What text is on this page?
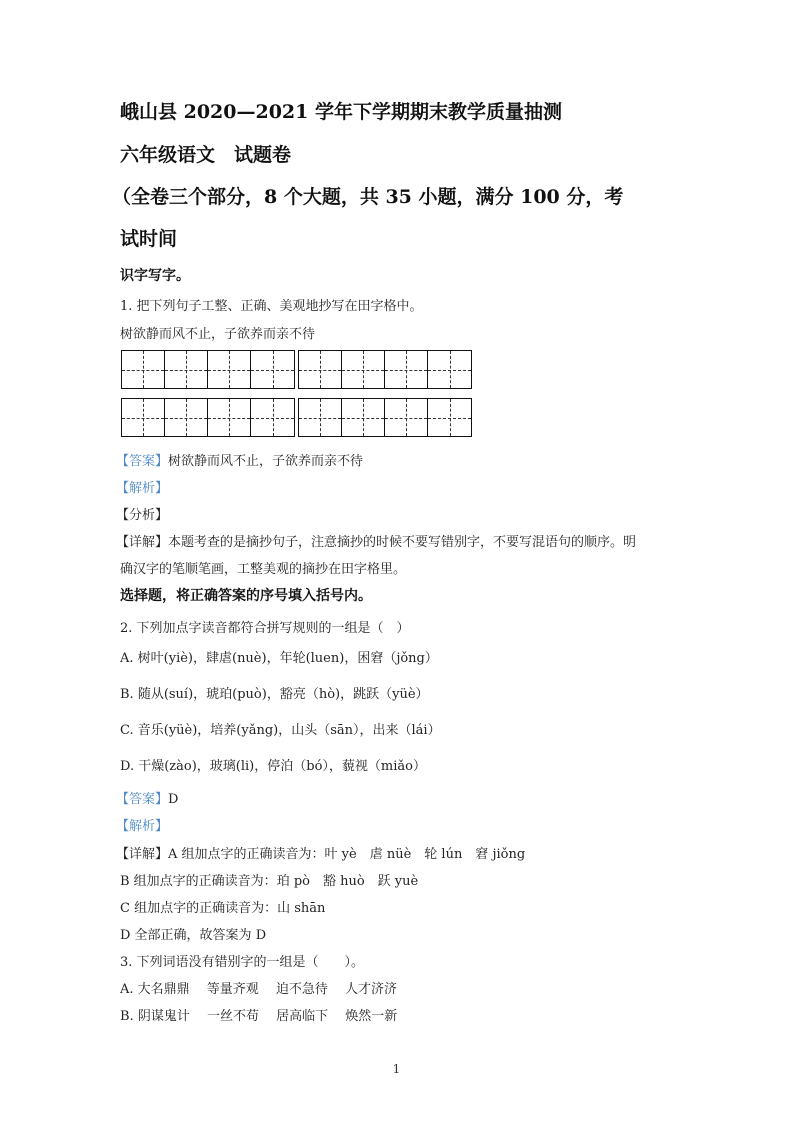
峨山县 2020—2021 学年下学期期末教学质量抽测
六年级语文　试题卷
（全卷三个部分，8 个大题，共 35 小题，满分 100 分，考
试时间
识字写字。
1. 把下列句子工整、正确、美观地抄写在田字格中。
树欲静而风不止，子欲养而亲不待
【答案】树欲静而风不止，子欲养而亲不待
【解析】
【分析】
【详解】本题考查的是摘抄句子，注意摘抄的时候不要写错别字，不要写混语句的顺序。明
确汉字的笔顺笔画，工整美观的摘抄在田字格里。
选择题，将正确答案的序号填入括号内。
2. 下列加点字读音都符合拼写规则的一组是（　）
A. 树叶(yiè)，肆虐(nuè)，年轮(luen)，困窘（jǒng）
B. 随从(suí)，琥珀(può)，豁亮（hò)，跳跃（yüè）
C. 音乐(yüè)，培养(yǎng)，山头（sān），出来（lái）
D. 干燥(zào)，玻璃(li)，停泊（bó），藐视（miǎo）
【答案】D
【解析】
【详解】A 组加点字的正确读音为：叶 yè　虐 nüè　轮 lún　窘 jiǒng
B 组加点字的正确读音为：珀 pò　豁 huò　跃 yuè
C 组加点字的正确读音为：山 shān
D 全部正确，故答案为 D
3. 下列词语没有错别字的一组是（　　）。
A. 大名鼎鼎　 等量齐观　 迫不急待　 人才济济
B. 阴谋鬼计　 一丝不苟　 居高临下　 焕然一新
1
